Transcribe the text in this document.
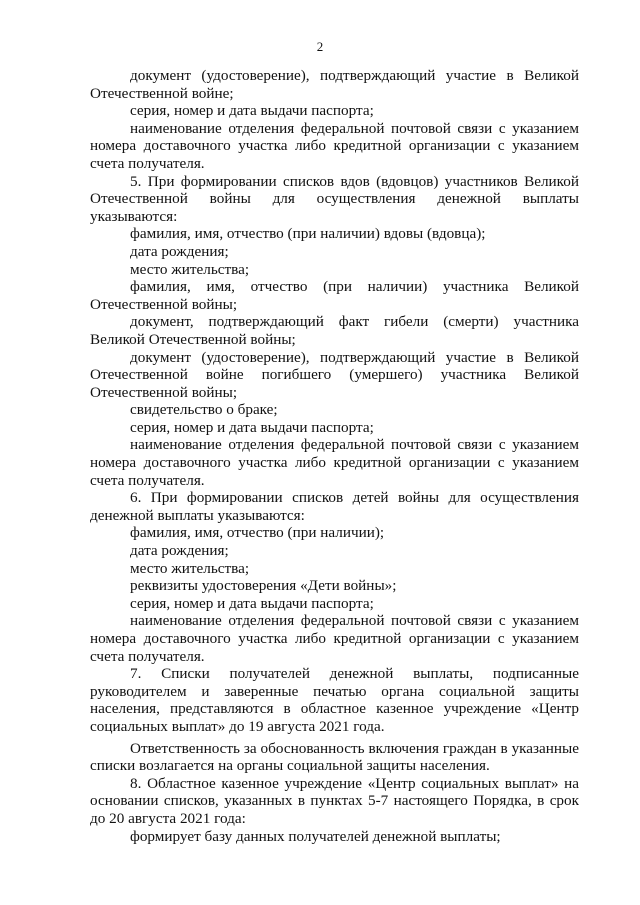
2

документ (удостоверение), подтверждающий участие в Великой Отечественной войне;

серия, номер и дата выдачи паспорта;

наименование отделения федеральной почтовой связи с указанием номера доставочного участка либо кредитной организации с указанием счета получателя.

5. При формировании списков вдов (вдовцов) участников Великой Отечественной войны для осуществления денежной выплаты указываются:

фамилия, имя, отчество (при наличии) вдовы (вдовца);

дата рождения;

место жительства;

фамилия, имя, отчество (при наличии) участника Великой Отечественной войны;

документ, подтверждающий факт гибели (смерти) участника Великой Отечественной войны;

документ (удостоверение), подтверждающий участие в Великой Отечественной войне погибшего (умершего) участника Великой Отечественной войны;

свидетельство о браке;

серия, номер и дата выдачи паспорта;

наименование отделения федеральной почтовой связи с указанием номера доставочного участка либо кредитной организации с указанием счета получателя.

6. При формировании списков детей войны для осуществления денежной выплаты указываются:

фамилия, имя, отчество (при наличии);

дата рождения;

место жительства;

реквизиты удостоверения «Дети войны»;

серия, номер и дата выдачи паспорта;

наименование отделения федеральной почтовой связи с указанием номера доставочного участка либо кредитной организации с указанием счета получателя.

7. Списки получателей денежной выплаты, подписанные руководителем и заверенные печатью органа социальной защиты населения, представляются в областное казенное учреждение «Центр социальных выплат» до 19 августа 2021 года.

Ответственность за обоснованность включения граждан в указанные списки возлагается на органы социальной защиты населения.

8. Областное казенное учреждение «Центр социальных выплат» на основании списков, указанных в пунктах 5-7 настоящего Порядка, в срок до 20 августа 2021 года:

формирует базу данных получателей денежной выплаты;
